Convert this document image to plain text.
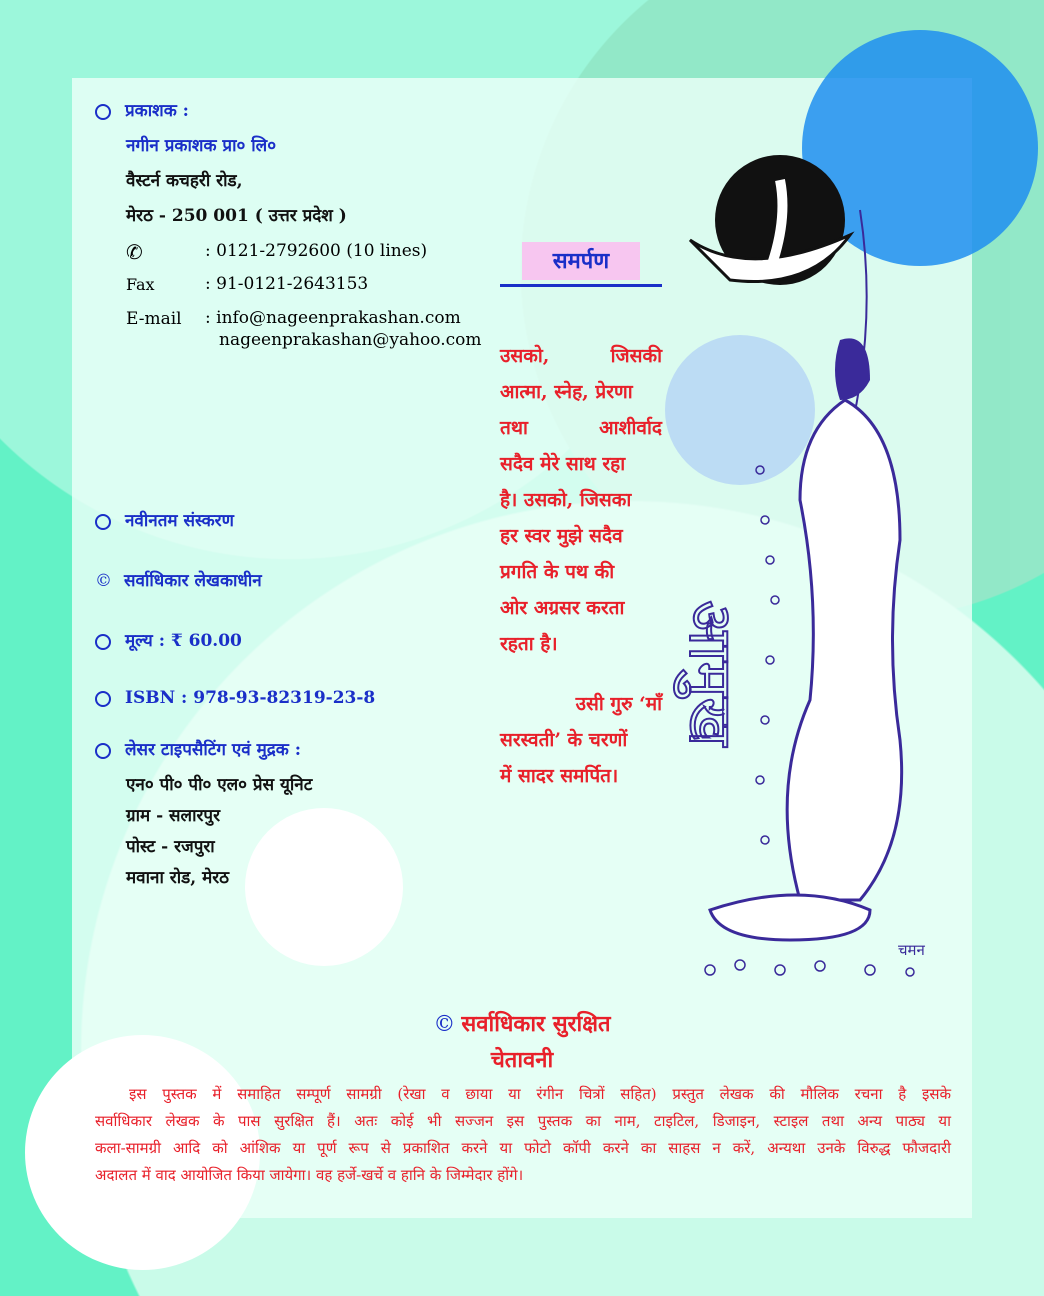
प्रकाशक :
नगीन प्रकाशक प्रा० लि०
वैस्टर्न कचहरी रोड,
मेरठ - 250 001 ( उत्तर प्रदेश )
✆	: 0121-2792600 (10 lines)
Fax	: 91-0121-2643153
E-mail : info@nageenprakashan.com
nageenprakashan@yahoo.com
नवीनतम संस्करण
© सर्वाधिकार लेखकाधीन
मूल्य : ₹ 60.00
ISBN : 978-93-82319-23-8
लेसर टाइपसैटिंग एवं मुद्रक :
एन० पी० पी० एल० प्रेस यूनिट
ग्राम - सलारपुर
पोस्ट - रजपुरा
मवाना रोड, मेरठ
समर्पण
उसको,	जिसकी
आत्मा, स्नेह, प्रेरणा
तथा	आशीर्वाद
सदैव मेरे साथ रहा
है। उसको, जिसका
हर स्वर मुझे सदैव
प्रगति के पथ की
ओर अग्रसर करता
रहता है।
उसी गुरु ‘माँ
सरस्वती’ के चरणों
में सादर समर्पित।
आमुख
चमन
© सर्वाधिकार सुरक्षित
चेतावनी

इस पुस्तक में समाहित सम्पूर्ण सामग्री (रेखा व छाया या रंगीन चित्रों सहित) प्रस्तुत लेखक की मौलिक रचना है इसके

सर्वाधिकार लेखक के पास सुरक्षित हैं। अतः कोई भी सज्जन इस पुस्तक का नाम, टाइटिल, डिजाइन, स्टाइल तथा अन्य पाठ्य या

कला-सामग्री आदि को आंशिक या पूर्ण रूप से प्रकाशित करने या फोटो कॉपी करने का साहस न करें, अन्यथा उनके विरुद्ध फौजदारी

अदालत में वाद आयोजित किया जायेगा। वह हर्जे-खर्चे व हानि के जिम्मेदार होंगे।
